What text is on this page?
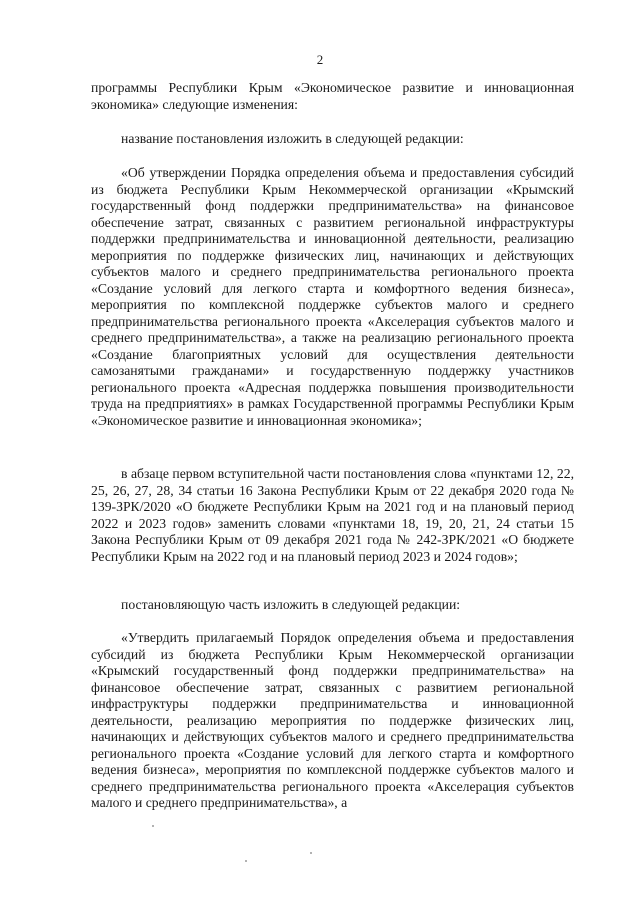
2

программы Республики Крым «Экономическое развитие и инновационная экономика» следующие изменения:

название постановления изложить в следующей редакции:

«Об утверждении Порядка определения объема и предоставления субсидий из бюджета Республики Крым Некоммерческой организации «Крымский государственный фонд поддержки предпринимательства» на финансовое обеспечение затрат, связанных с развитием региональной инфраструктуры поддержки предпринимательства и инновационной деятельности, реализацию мероприятия по поддержке физических лиц, начинающих и действующих субъектов малого и среднего предпринимательства регионального проекта «Создание условий для легкого старта и комфортного ведения бизнеса», мероприятия по комплексной поддержке субъектов малого и среднего предпринимательства регионального проекта «Акселерация субъектов малого и среднего предпринимательства», а также на реализацию регионального проекта «Создание благоприятных условий для осуществления деятельности самозанятыми гражданами» и государственную поддержку участников регионального проекта «Адресная поддержка повышения производительности труда на предприятиях» в рамках Государственной программы Республики Крым «Экономическое развитие и инновационная экономика»;

в абзаце первом вступительной части постановления слова «пунктами 12, 22, 25, 26, 27, 28, 34 статьи 16 Закона Республики Крым от 22 декабря 2020 года № 139-ЗРК/2020 «О бюджете Республики Крым на 2021 год и на плановый период 2022 и 2023 годов» заменить словами «пунктами 18, 19, 20, 21, 24 статьи 15 Закона Республики Крым от 09 декабря 2021 года № 242-ЗРК/2021 «О бюджете Республики Крым на 2022 год и на плановый период 2023 и 2024 годов»;

постановляющую часть изложить в следующей редакции:

«Утвердить прилагаемый Порядок определения объема и предоставления субсидий из бюджета Республики Крым Некоммерческой организации «Крымский государственный фонд поддержки предпринимательства» на финансовое обеспечение затрат, связанных с развитием региональной инфраструктуры поддержки предпринимательства и инновационной деятельности, реализацию мероприятия по поддержке физических лиц, начинающих и действующих субъектов малого и среднего предпринимательства регионального проекта «Создание условий для легкого старта и комфортного ведения бизнеса», мероприятия по комплексной поддержке субъектов малого и среднего предпринимательства регионального проекта «Акселерация субъектов малого и среднего предпринимательства», а
